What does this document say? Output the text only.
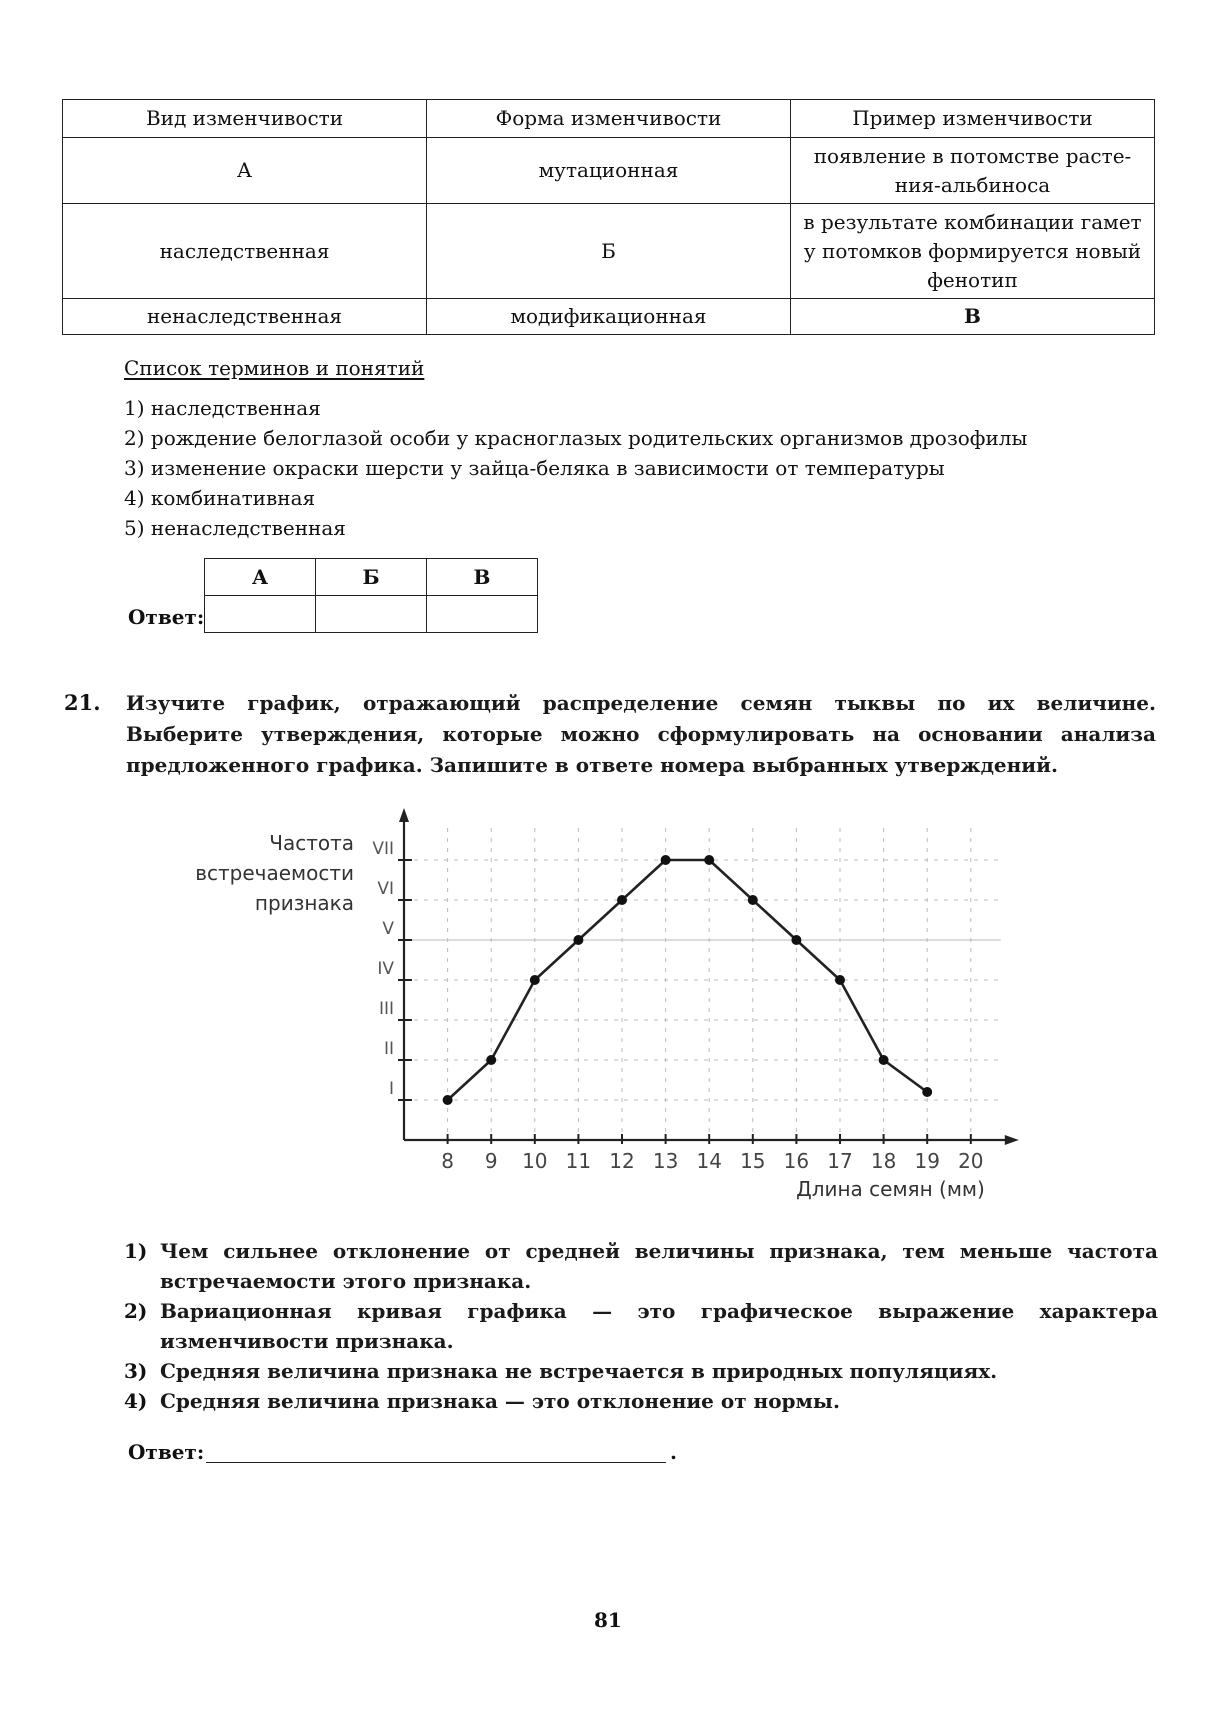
Вид изменчивости	Форма изменчивости	Пример изменчивости
А	мутационная	появление в потомстве расте-ния-альбиноса
наследственная	Б	в результате комбинации гамет у потомков формируется новый фенотип
ненаследственная	модификационная	В
Список терминов и понятий
1) наследственная
2) рождение белоглазой особи у красноглазых родительских организмов дрозофилы
3) изменение окраски шерсти у зайца-беляка в зависимости от температуры
4) комбинативная
5) ненаследственная
Ответ:
А	Б	В

21. Изучите график, отражающий распределение семян тыквы по их величине. Выберите утверждения, которые можно сформулировать на основании анализа предложенного графика. Запишите в ответе номера выбранных утверждений.
8 9 10 11 12 13 14 15 16 17 18 19 20
I
II
III
IV
V
VI
VII
Частота
встречаемости
признака
Длина семян (мм)
1) Чем сильнее отклонение от средней величины признака, тем меньше частота встречаемости этого признака.
2) Вариационная кривая графика — это графическое выражение характера изменчивости признака.
3) Средняя величина признака не встречается в природных популяциях.
4) Средняя величина признака — это отклонение от нормы.
Ответ:	.
81
